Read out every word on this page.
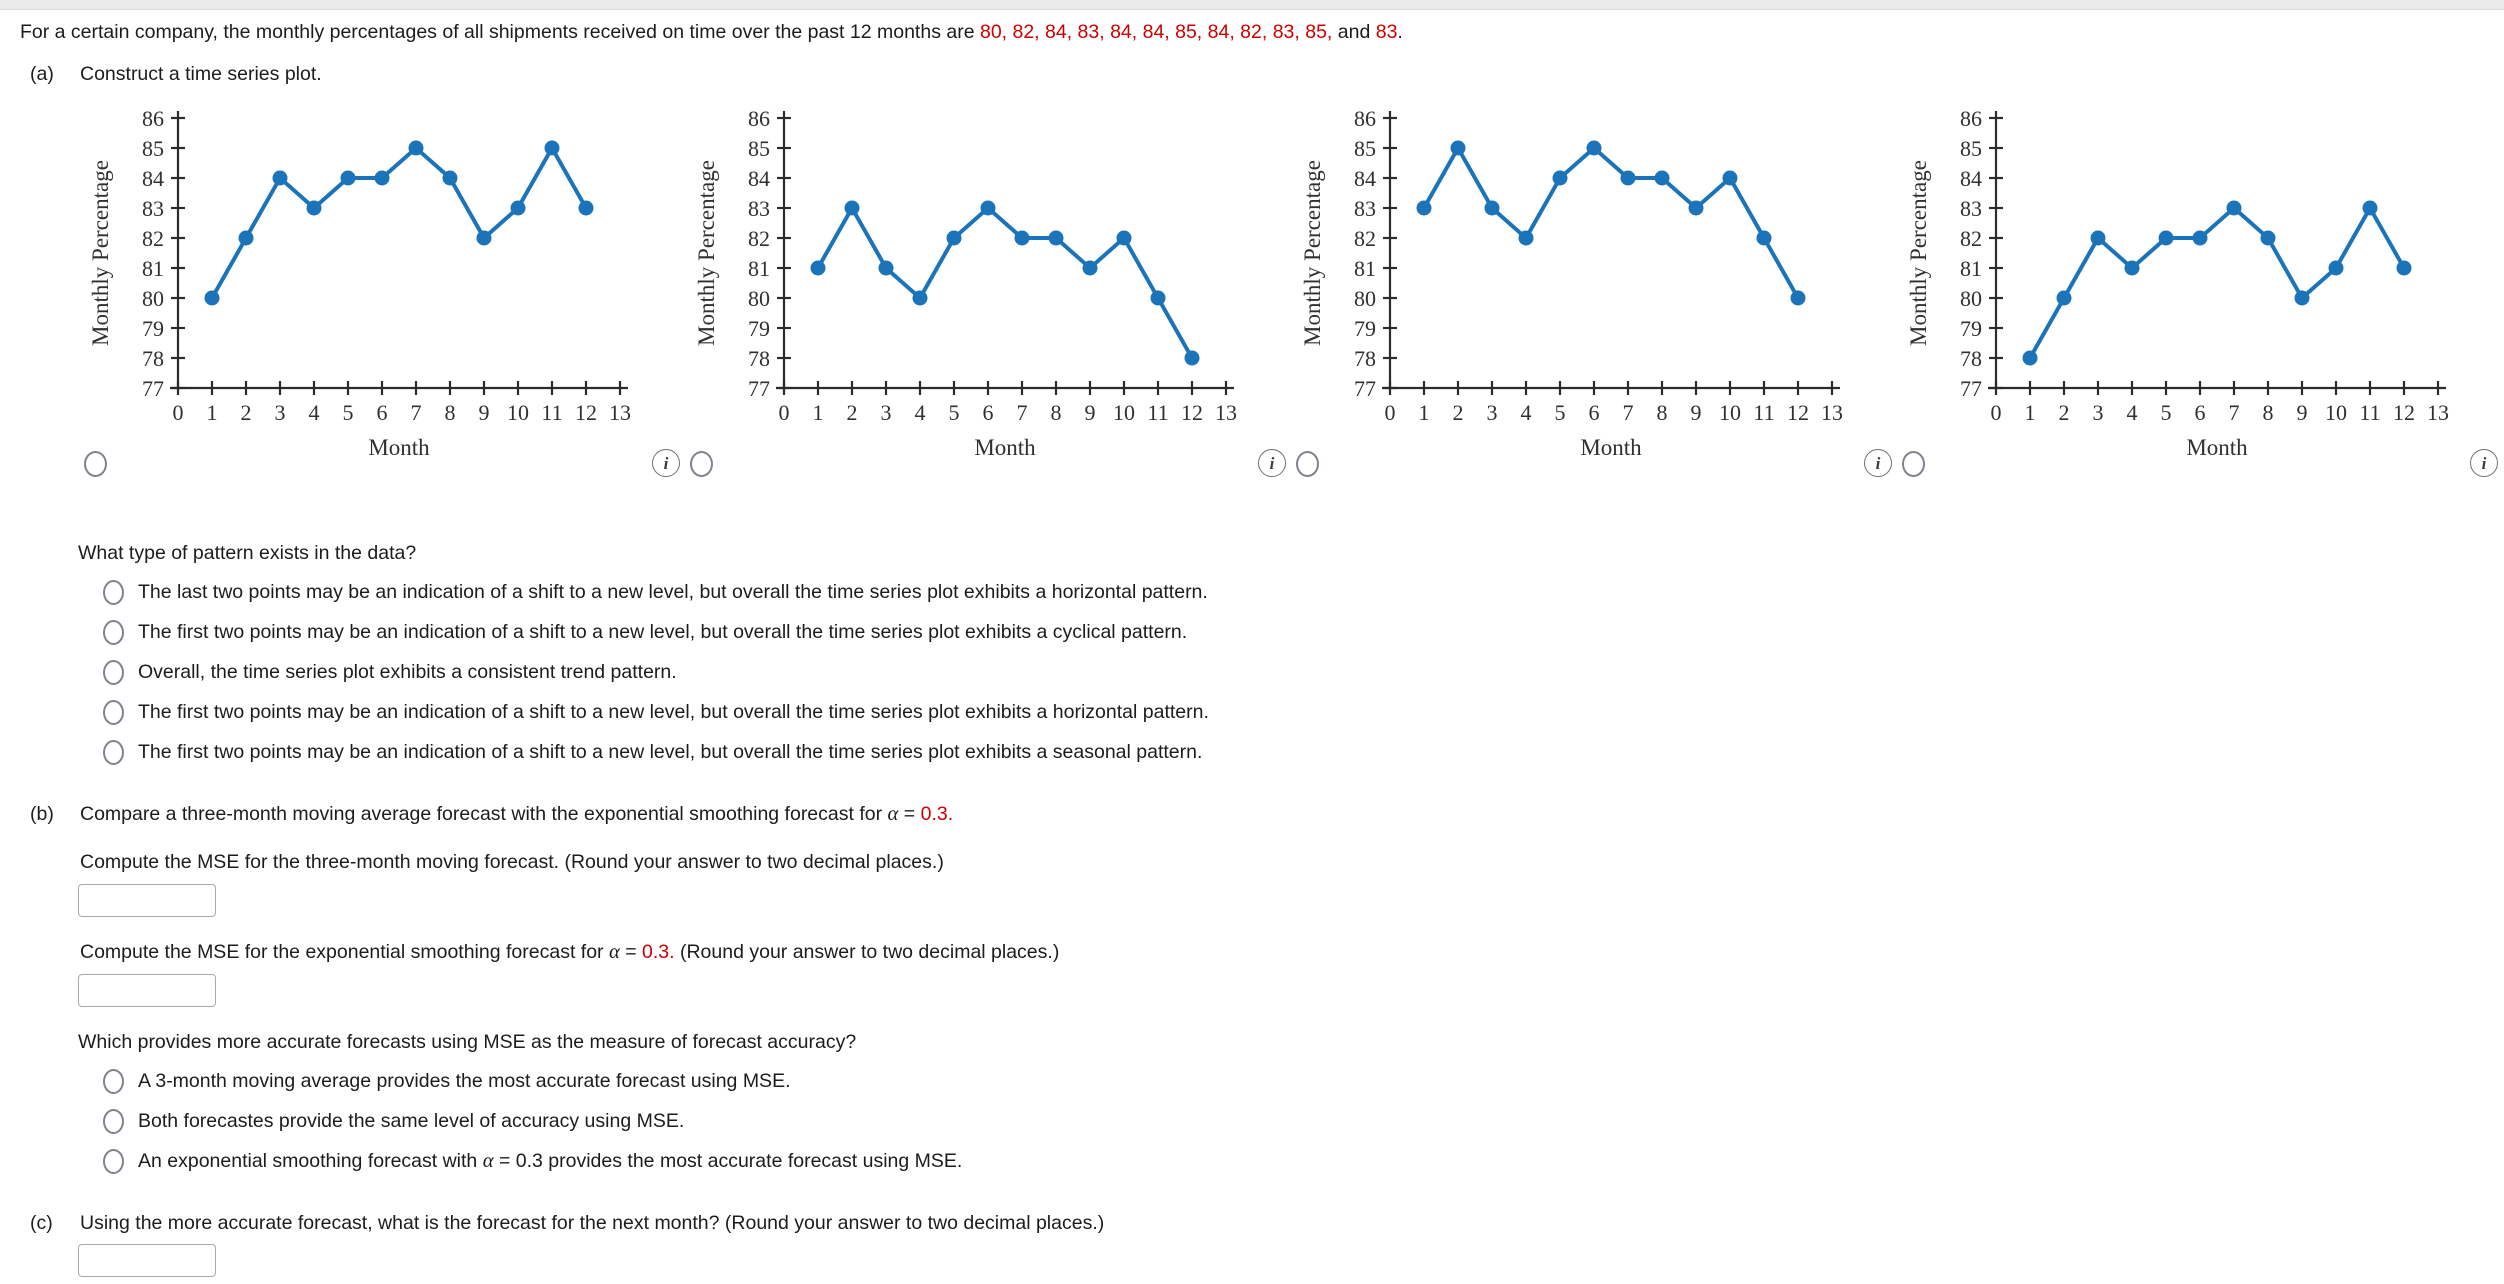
For a certain company, the monthly percentages of all shipments received on time over the past 12 months are 80, 82, 84, 83, 84, 84, 85, 84, 82, 83, 85, and 83.
(a)	Construct a time series plot.
77
78
79
80
81
82
83
84
85
86
0 1 2 3 4 5 6 7 8 9 10 11 12 13
Month
Monthly Percentage
i
77
78
79
80
81
82
83
84
85
86
0 1 2 3 4 5 6 7 8 9 10 11 12 13
Month
Monthly Percentage
i
77
78
79
80
81
82
83
84
85
86
0 1 2 3 4 5 6 7 8 9 10 11 12 13
Month
Monthly Percentage
i
77
78
79
80
81
82
83
84
85
86
0 1 2 3 4 5 6 7 8 9 10 11 12 13
Month
Monthly Percentage
i
What type of pattern exists in the data?
The last two points may be an indication of a shift to a new level, but overall the time series plot exhibits a horizontal pattern.
The first two points may be an indication of a shift to a new level, but overall the time series plot exhibits a cyclical pattern.
Overall, the time series plot exhibits a consistent trend pattern.
The first two points may be an indication of a shift to a new level, but overall the time series plot exhibits a horizontal pattern.
The first two points may be an indication of a shift to a new level, but overall the time series plot exhibits a seasonal pattern.
(b)	Compare a three-month moving average forecast with the exponential smoothing forecast for α = 0.3.
Compute the MSE for the three-month moving forecast. (Round your answer to two decimal places.)
Compute the MSE for the exponential smoothing forecast for α = 0.3. (Round your answer to two decimal places.)
Which provides more accurate forecasts using MSE as the measure of forecast accuracy?
A 3-month moving average provides the most accurate forecast using MSE.
Both forecastes provide the same level of accuracy using MSE.
An exponential smoothing forecast with α = 0.3 provides the most accurate forecast using MSE.
(c)	Using the more accurate forecast, what is the forecast for the next month? (Round your answer to two decimal places.)
